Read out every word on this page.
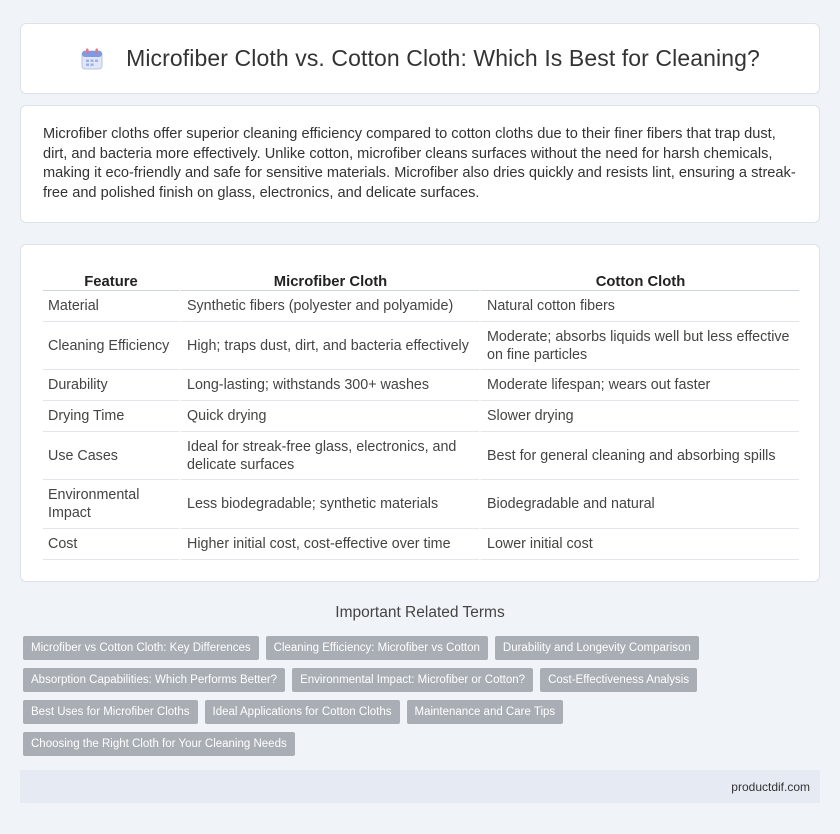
Microfiber Cloth vs. Cotton Cloth: Which Is Best for Cleaning?

Microfiber cloths offer superior cleaning efficiency compared to cotton cloths due to their finer fibers that trap dust, dirt, and bacteria more effectively. Unlike cotton, microfiber cleans surfaces without the need for harsh chemicals, making it eco-friendly and safe for sensitive materials. Microfiber also dries quickly and resists lint, ensuring a streak-free and polished finish on glass, electronics, and delicate surfaces.

Feature	Microfiber Cloth	Cotton Cloth
Material	Synthetic fibers (polyester and polyamide)	Natural cotton fibers
Cleaning Efficiency	High; traps dust, dirt, and bacteria effectively	Moderate; absorbs liquids well but less effective on fine particles
Durability	Long-lasting; withstands 300+ washes	Moderate lifespan; wears out faster
Drying Time	Quick drying	Slower drying
Use Cases	Ideal for streak-free glass, electronics, and delicate surfaces	Best for general cleaning and absorbing spills
Environmental Impact	Less biodegradable; synthetic materials	Biodegradable and natural
Cost	Higher initial cost, cost-effective over time	Lower initial cost
Important Related Terms
Microfiber vs Cotton Cloth: Key Differences	Cleaning Efficiency: Microfiber vs Cotton	Durability and Longevity Comparison
Absorption Capabilities: Which Performs Better?	Environmental Impact: Microfiber or Cotton?	Cost-Effectiveness Analysis
Best Uses for Microfiber Cloths	Ideal Applications for Cotton Cloths	Maintenance and Care Tips
Choosing the Right Cloth for Your Cleaning Needs
productdif.com
